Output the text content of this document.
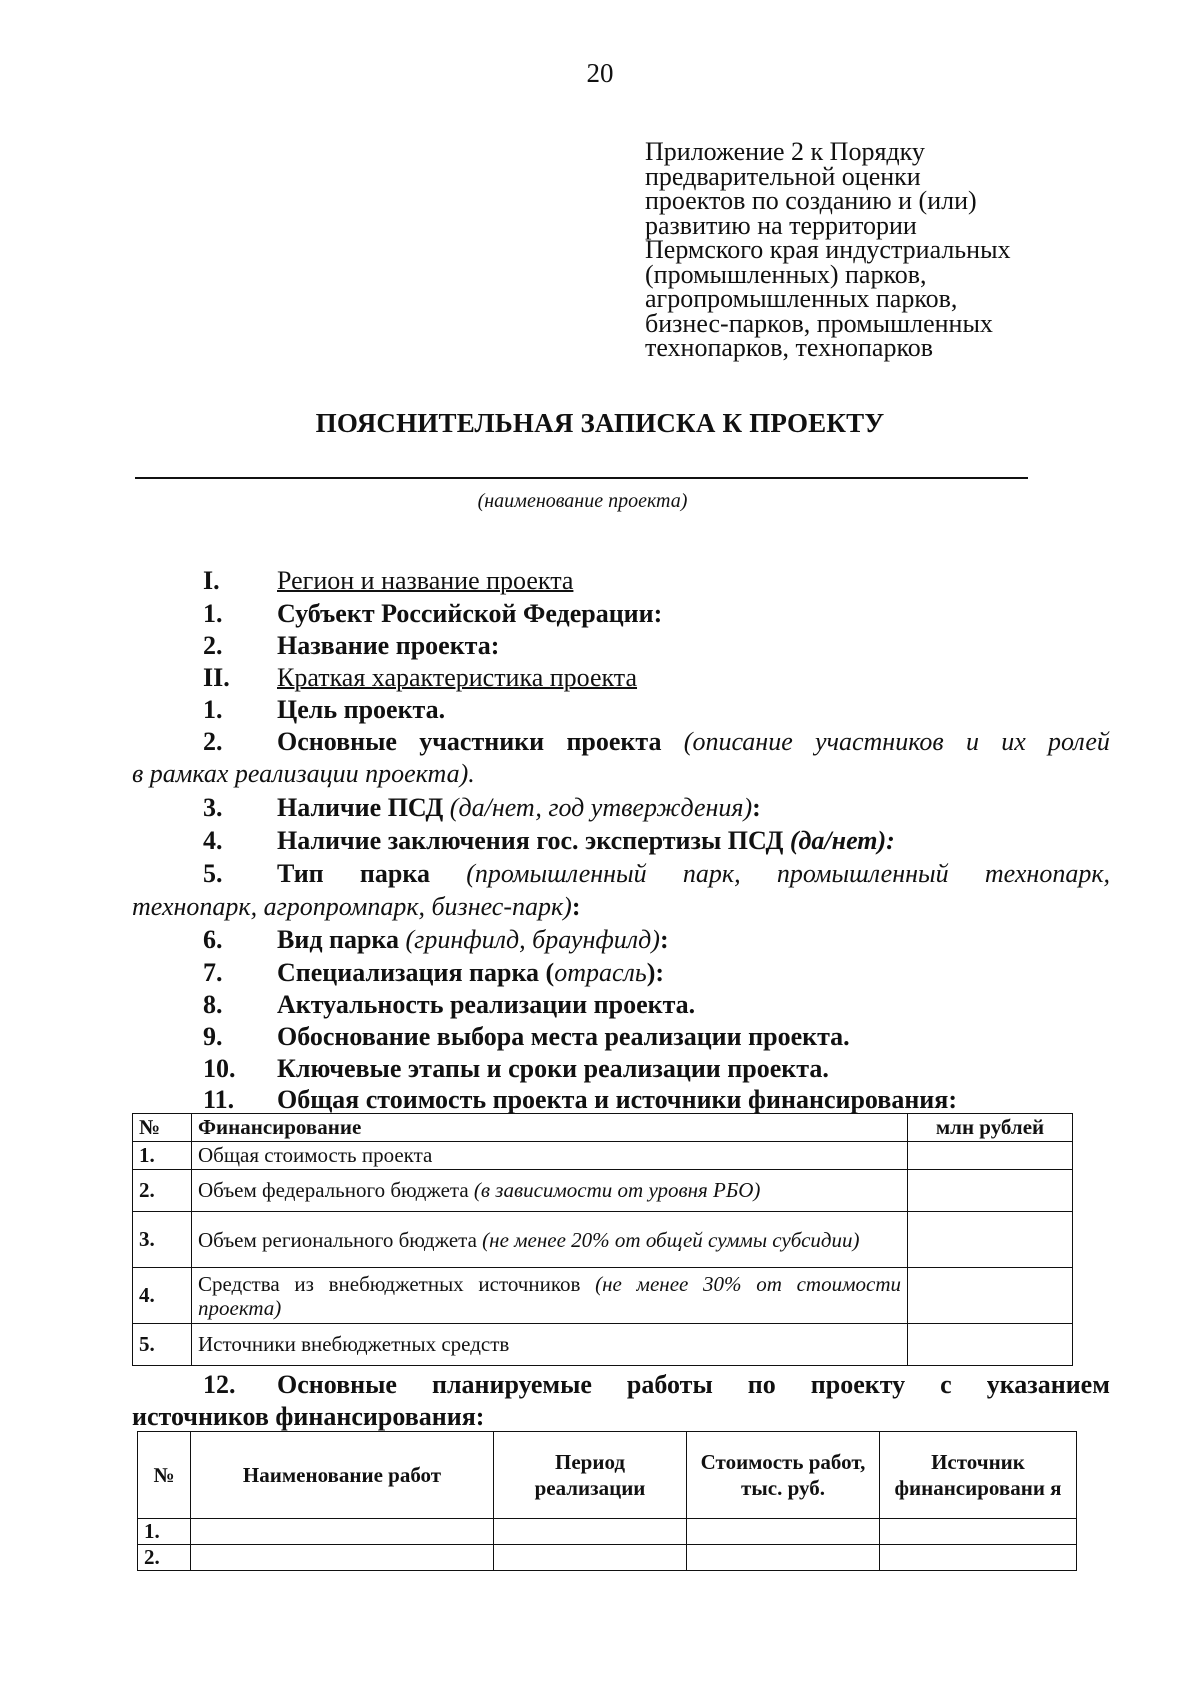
20
Приложение 2 к Порядку
предварительной оценки
проектов по созданию и (или)
развитию на территории
Пермского края индустриальных
(промышленных) парков,
агропромышленных парков,
бизнес-парков, промышленных
технопарков, технопарков
ПОЯСНИТЕЛЬНАЯ ЗАПИСКА К ПРОЕКТУ
(наименование проекта)
I. Регион и название проекта
1. Субъект Российской Федерации:
2. Название проекта:
II. Краткая характеристика проекта
1. Цель проекта.
2. Основные участники проекта (описание участников и их ролей
в рамках реализации проекта).
3. Наличие ПСД (да/нет, год утверждения):
4. Наличие заключения гос. экспертизы ПСД (да/нет):
5. Тип парка (промышленный парк, промышленный технопарк,
технопарк, агропромпарк, бизнес-парк):
6. Вид парка (гринфилд, браунфилд):
7. Специализация парка (отрасль):
8. Актуальность реализации проекта.
9. Обоснование выбора места реализации проекта.
10. Ключевые этапы и сроки реализации проекта.
11. Общая стоимость проекта и источники финансирования:
№	Финансирование	млн рублей
1.	Общая стоимость проекта	
2.	Объем федерального бюджета (в зависимости от уровня РБО)	
3.	Объем регионального бюджета (не менее 20% от общей суммы субсидии)	
4.	Средства из внебюджетных источников (не менее 30% от стоимости проекта)	
5.	Источники внебюджетных средств	
12. Основные планируемые работы по проекту с указанием
источников финансирования:
№	Наименование работ	Период реализации	Стоимость работ, тыс. руб.	Источник финансировани я
1.				
2.				
